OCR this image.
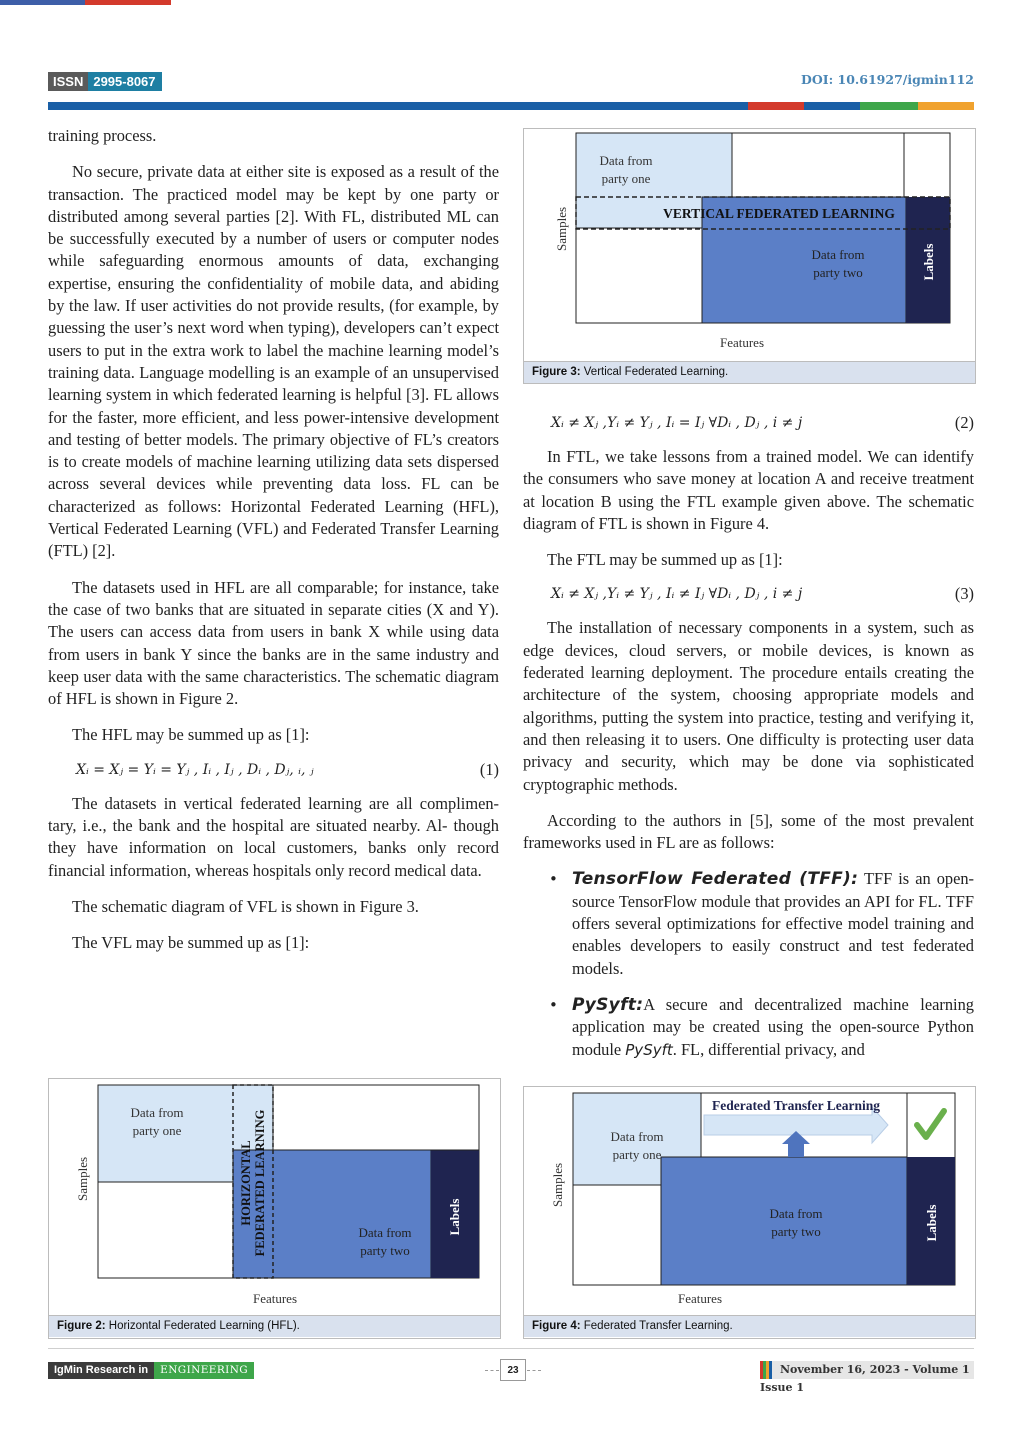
ISSN 2995-8067	DOI: 10.61927/igmin112

training process.

No secure, private data at either site is exposed as a result of the transaction. The practiced model may be kept by one party or distributed among several parties [2]. With FL, distributed ML can be successfully executed by a number of users or computer nodes while safeguarding enormous amounts of data, exchanging expertise, ensuring the confidentiality of mobile data, and abiding by the law. If user activities do not provide results, (for example, by guessing the user’s next word when typing), developers can’t expect users to put in the extra work to label the machine learning model’s training data. Language modelling is an example of an unsupervised learning system in which federated learning is helpful [3]. FL allows for the faster, more efficient, and less power-intensive development and testing of better models. The primary objective of FL’s creators is to create models of machine learning utilizing data sets dispersed across several devices while preventing data loss. FL can be characterized as follows: Horizontal Federated Learning (HFL), Vertical Federated Learning (VFL) and Federated Transfer Learning (FTL) [2].

The datasets used in HFL are all comparable; for instance, take the case of two banks that are situated in separate cities (X and Y). The users can access data from users in bank X while using data from users in bank Y since the banks are in the same industry and keep user data with the same characteristics. The schematic diagram of HFL is shown in Figure 2.

The HFL may be summed up as [1]:

Xᵢ = Xⱼ = Yᵢ = Yⱼ , Iᵢ , Iⱼ , Dᵢ , Dⱼ, ᵢ, ⱼ	(1)

The datasets in vertical federated learning are all complimen- tary, i.e., the bank and the hospital are situated nearby. Al- though they have information on local customers, banks only record financial information, whereas hospitals only record medical data.

The schematic diagram of VFL is shown in Figure 3.

The VFL may be summed up as [1]:

Data from
party one
VERTICAL FEDERATED LEARNING
Data from
party two	Labels
Samples
Features
Figure 3: Vertical Federated Learning.
Xᵢ ≠ Xⱼ ,Yᵢ ≠ Yⱼ , Iᵢ = Iⱼ ∀Dᵢ , Dⱼ , i ≠ j	(2)

In FTL, we take lessons from a trained model. We can identify the consumers who save money at location A and receive treatment at location B using the FTL example given above. The schematic diagram of FTL is shown in Figure 4.

The FTL may be summed up as [1]:

Xᵢ ≠ Xⱼ ,Yᵢ ≠ Yⱼ , Iᵢ ≠ Iⱼ ∀Dᵢ , Dⱼ , i ≠ j	(3)

The installation of necessary components in a system, such as edge devices, cloud servers, or mobile devices, is known as federated learning deployment. The procedure entails creating the architecture of the system, choosing appropriate models and algorithms, putting the system into practice, testing and verifying it, and then releasing it to users. One difficulty is protecting user data privacy and security, which may be done via sophisticated cryptographic methods.

According to the authors in [5], some of the most prevalent frameworks used in FL are as follows:

• TensorFlow Federated (TFF): TFF is an open-source TensorFlow module that provides an API for FL. TFF offers several optimizations for effective model training and enables developers to easily construct and test federated models.

• PySyft:A secure and decentralized machine learning application may be created using the open-source Python module PySyft. FL, differential privacy, and

Data from
party one
Data from
party two
HORIZONTAL FEDERATED LEARNING	Labels
Samples
Features
Figure 2: Horizontal Federated Learning (HFL).
Federated Transfer Learning
Data from
party one
Data from
party two	Labels
Samples
Features
Figure 4: Federated Transfer Learning.
IgMin Research in	ENGINEERING	23	November 16, 2023 - Volume 1 Issue 1
